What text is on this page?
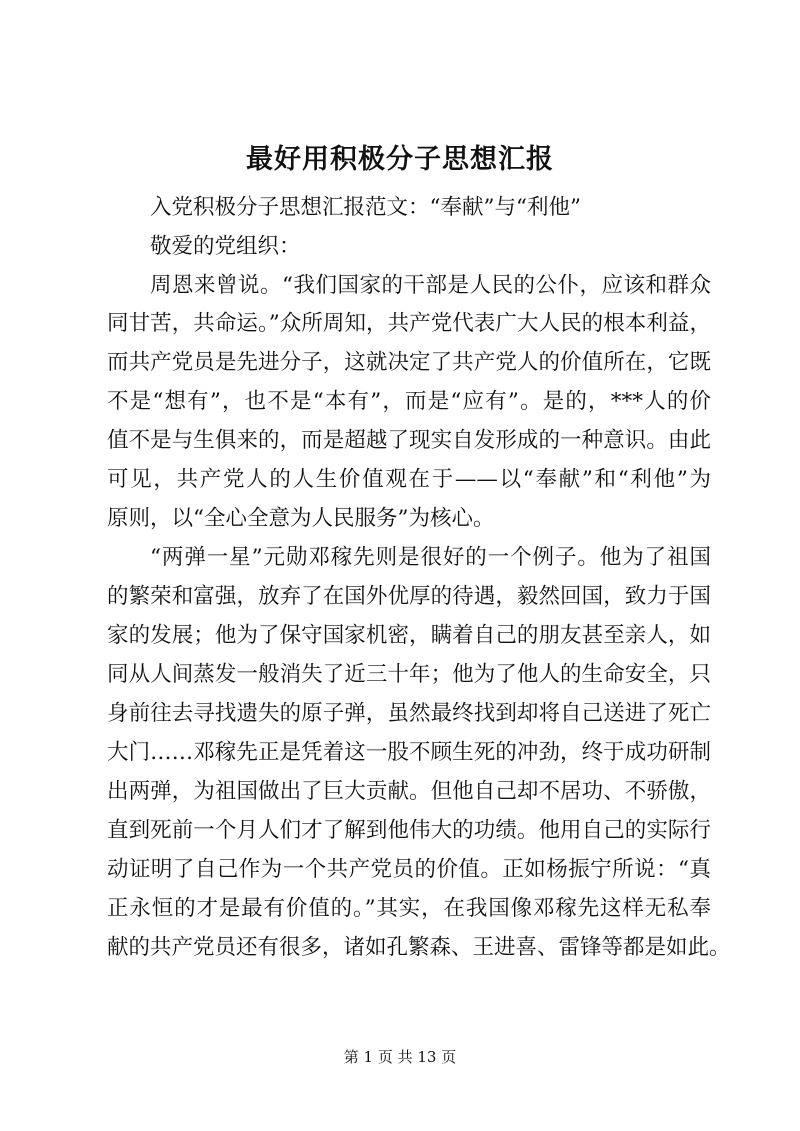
最好用积极分子思想汇报
入党积极分子思想汇报范文：“奉献”与“利他”
敬爱的党组织：
周恩来曾说。“我们国家的干部是人民的公仆，应该和群众
同甘苦，共命运。”众所周知，共产党代表广大人民的根本利益，
而共产党员是先进分子，这就决定了共产党人的价值所在，它既
不是“想有”，也不是“本有”，而是“应有”。是的，***人的价
值不是与生俱来的，而是超越了现实自发形成的一种意识。由此
可见，共产党人的人生价值观在于——以“奉献”和“利他”为
原则，以“全心全意为人民服务”为核心。
“两弹一星”元勋邓稼先则是很好的一个例子。他为了祖国
的繁荣和富强，放弃了在国外优厚的待遇，毅然回国，致力于国
家的发展；他为了保守国家机密，瞒着自己的朋友甚至亲人，如
同从人间蒸发一般消失了近三十年；他为了他人的生命安全，只
身前往去寻找遗失的原子弹，虽然最终找到却将自己送进了死亡
大门……邓稼先正是凭着这一股不顾生死的冲劲，终于成功研制
出两弹，为祖国做出了巨大贡献。但他自己却不居功、不骄傲，
直到死前一个月人们才了解到他伟大的功绩。他用自己的实际行
动证明了自己作为一个共产党员的价值。正如杨振宁所说：“真
正永恒的才是最有价值的。”其实，在我国像邓稼先这样无私奉
献的共产党员还有很多，诸如孔繁森、王进喜、雷锋等都是如此。
第 1 页 共 13 页
